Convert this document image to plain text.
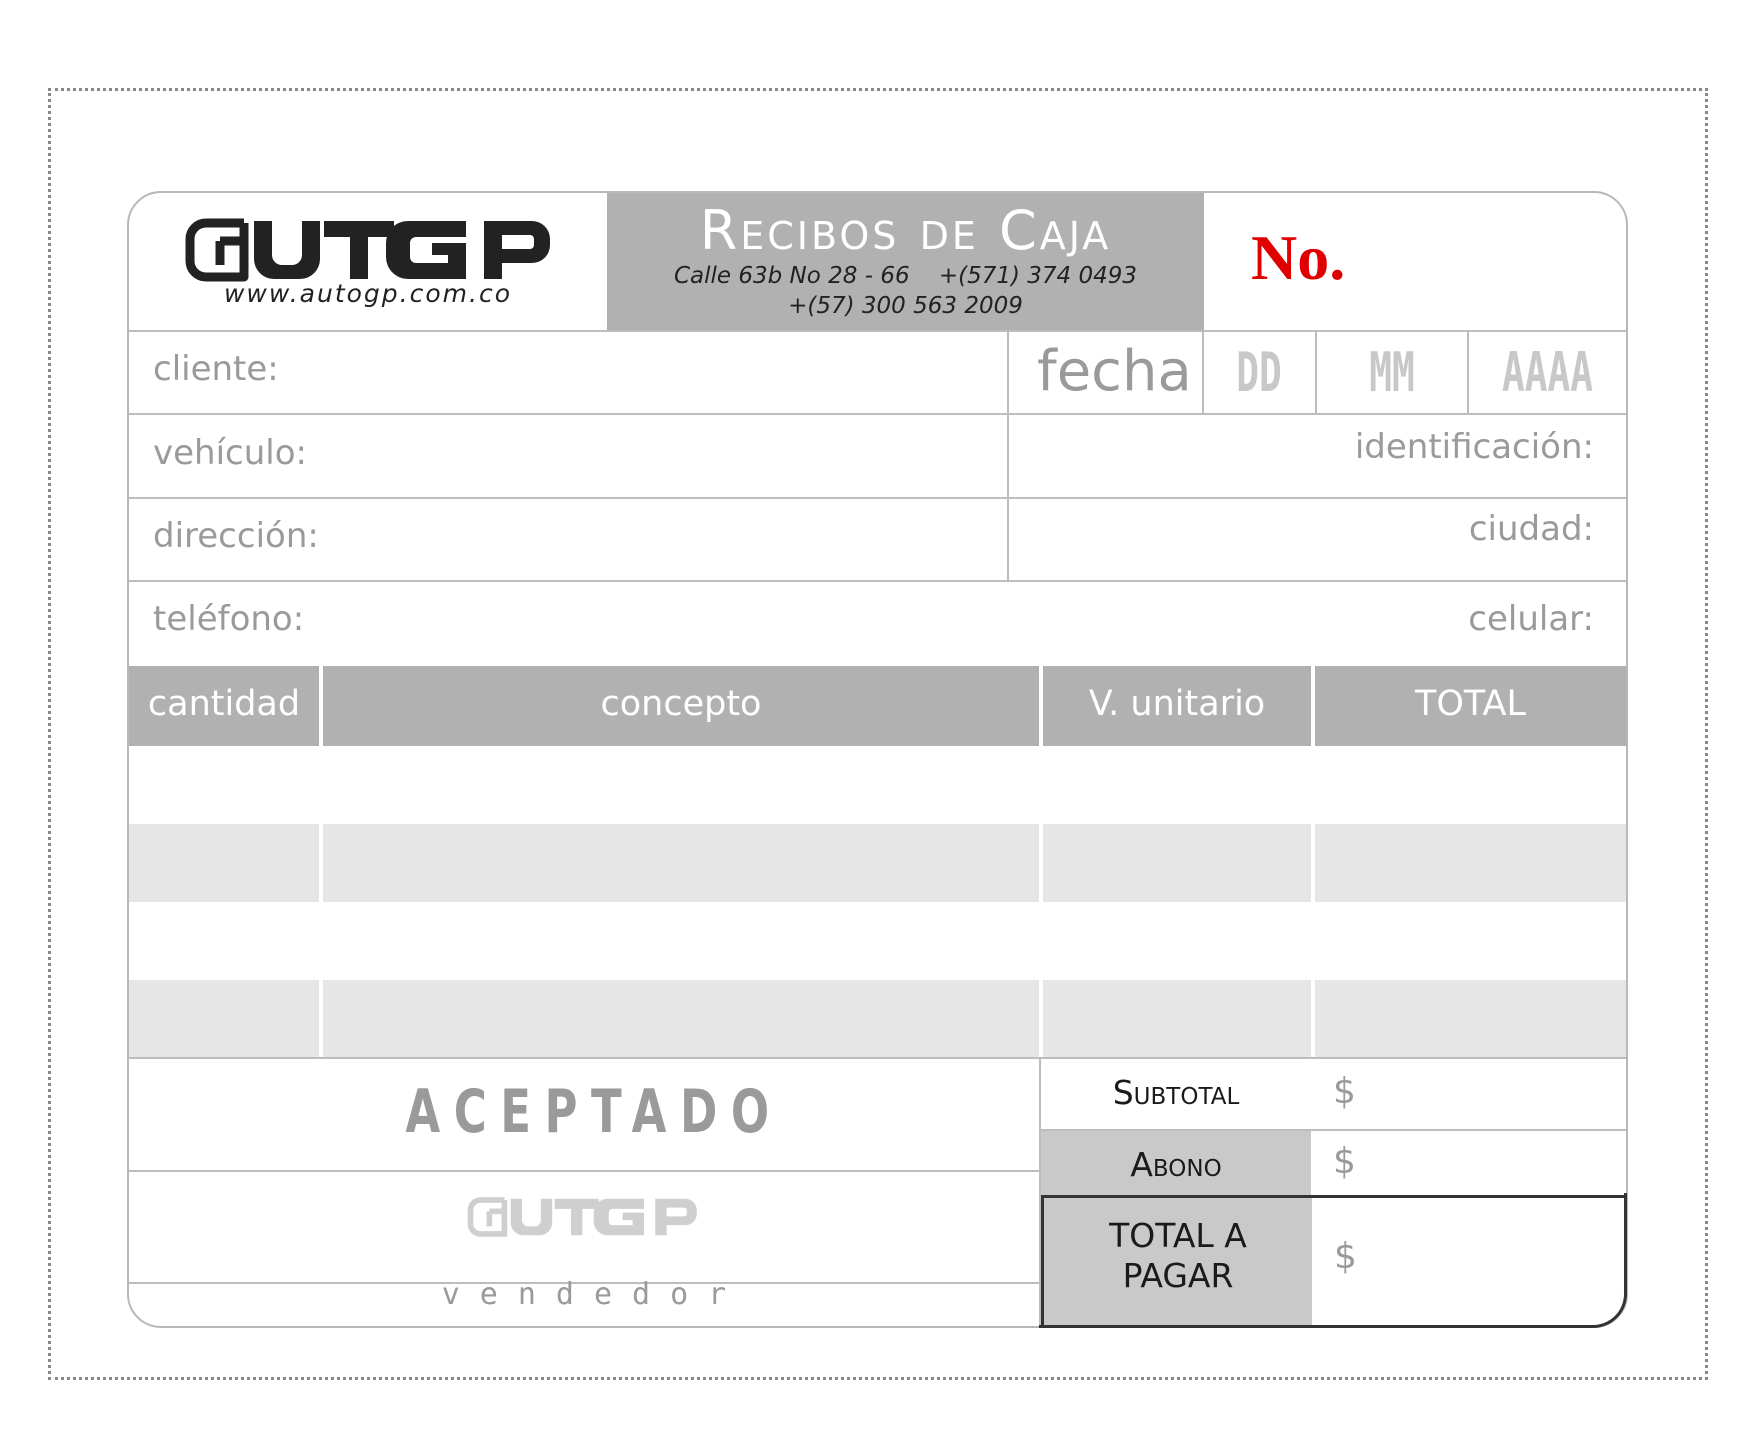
www.autogp.com.co
Recibos de Caja
Calle 63b No 28 - 66    +(571) 374 0493
+(57) 300 563 2009
No.
cliente:	fecha DD	MM	AAAA
vehículo:	identificación:
dirección:	ciudad:
teléfono:	celular:
cantidad	concepto	V. unitario	TOTAL
ACEPTADO
vendedor
Subtotal	$
Abono	$
TOTAL A
PAGAR	$
